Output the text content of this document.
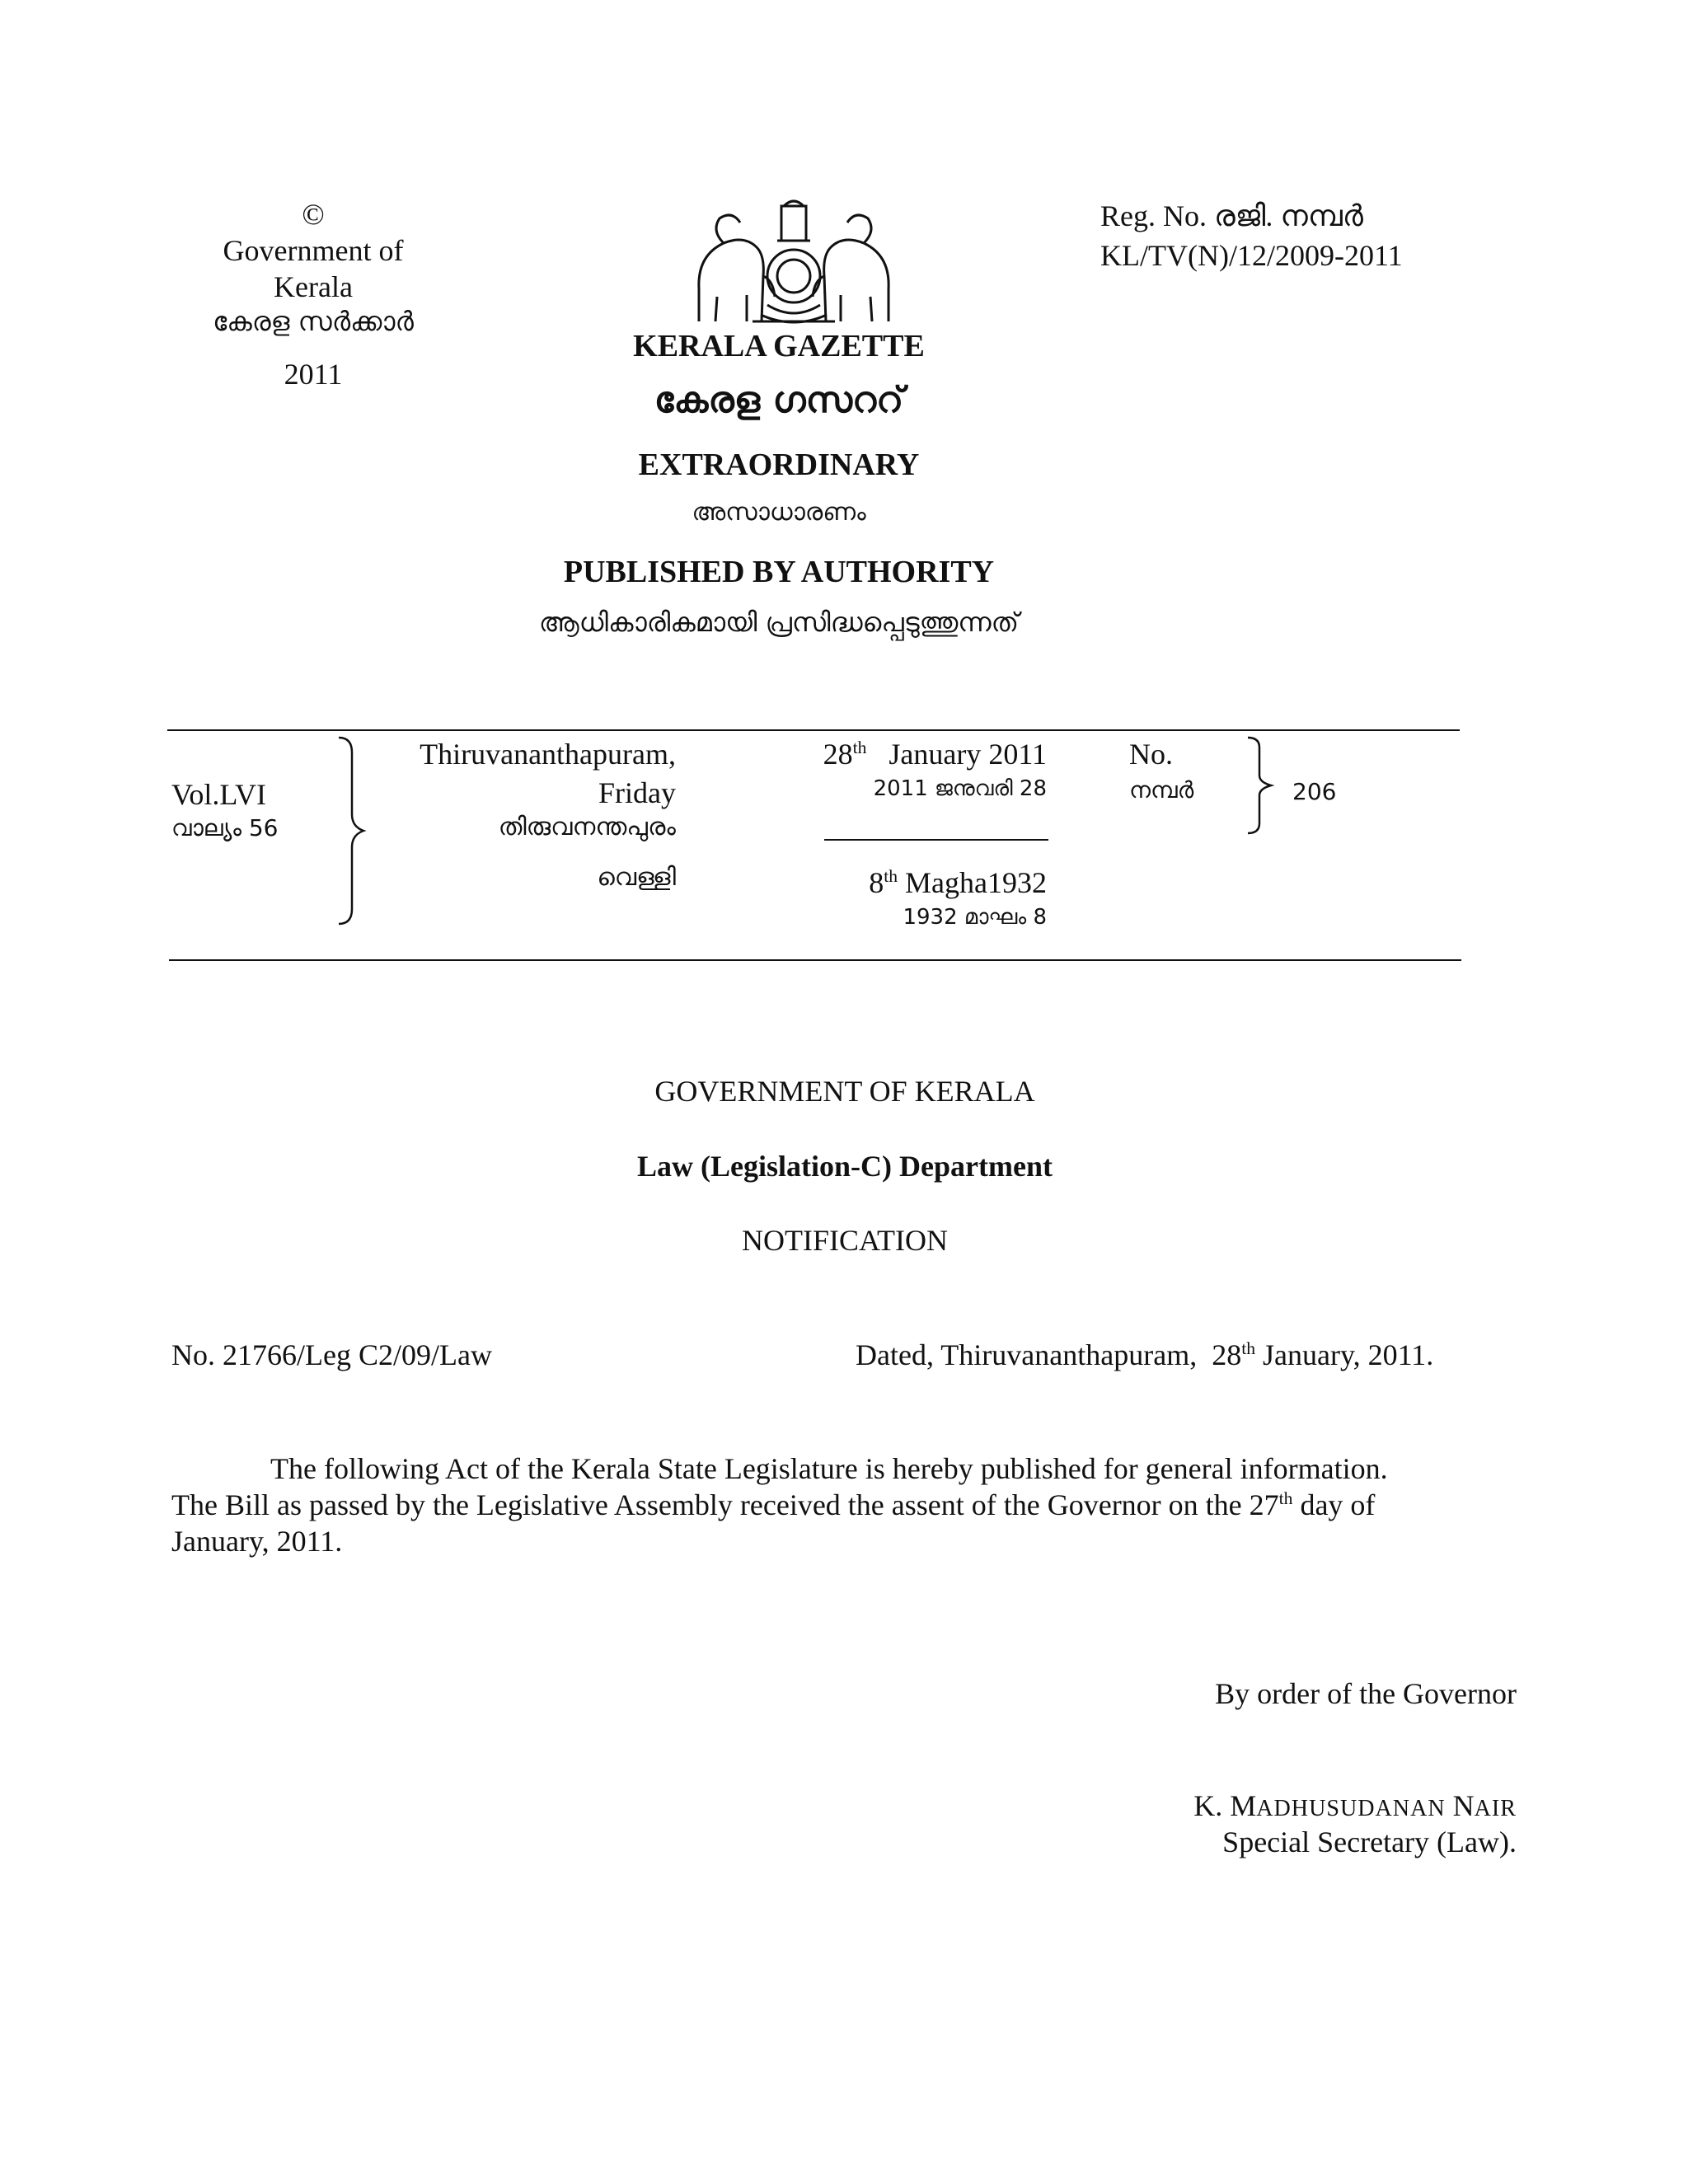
©
Government of
Kerala
കേരള സർക്കാർ
2011
Reg. No. രജി. നമ്പർ
KL/TV(N)/12/2009-2011
KERALA GAZETTE
കേരള ഗസററ്
EXTRAORDINARY
അസാധാരണം
PUBLISHED BY AUTHORITY
ആധികാരികമായി പ്രസിദ്ധപ്പെടുത്തുന്നത്
Vol.LVI
വാല്യം 56
Thiruvananthapuram,
Friday
തിരുവനന്തപുരം
വെള്ളി
28th January 2011
2011 ജനുവരി 28
8th Magha1932
1932 മാഘം 8
No.
നമ്പർ	206
GOVERNMENT OF KERALA
Law (Legislation-C) Department
NOTIFICATION
No. 21766/Leg C2/09/Law	Dated, Thiruvananthapuram,  28th January, 2011.
The following Act of the Kerala State Legislature is hereby published for general information.
The Bill as passed by the Legislative Assembly received the assent of the Governor on the 27th day of
January, 2011.
By order of the Governor
K. MADHUSUDANAN NAIR
Special Secretary (Law).
